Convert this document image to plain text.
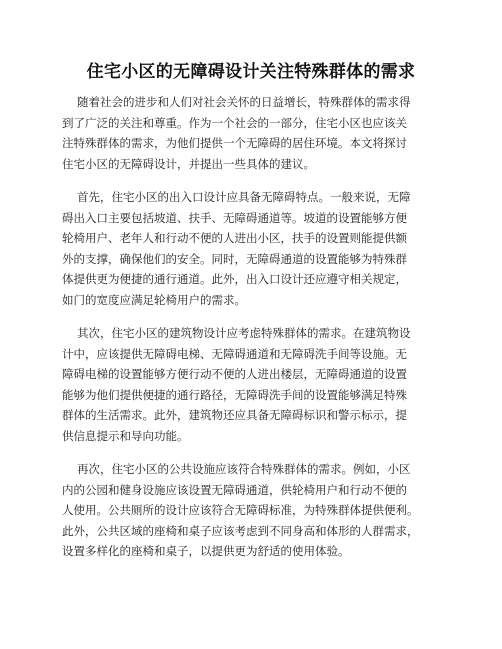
住宅小区的无障碍设计关注特殊群体的需求
随着社会的进步和人们对社会关怀的日益增长，特殊群体的需求得
到了广泛的关注和尊重。作为一个社会的一部分，住宅小区也应该关
注特殊群体的需求，为他们提供一个无障碍的居住环境。本文将探讨
住宅小区的无障碍设计，并提出一些具体的建议。
首先，住宅小区的出入口设计应具备无障碍特点。一般来说，无障
碍出入口主要包括坡道、扶手、无障碍通道等。坡道的设置能够方便
轮椅用户、老年人和行动不便的人进出小区，扶手的设置则能提供额
外的支撑，确保他们的安全。同时，无障碍通道的设置能够为特殊群
体提供更为便捷的通行通道。此外，出入口设计还应遵守相关规定，
如门的宽度应满足轮椅用户的需求。
其次，住宅小区的建筑物设计应考虑特殊群体的需求。在建筑物设
计中，应该提供无障碍电梯、无障碍通道和无障碍洗手间等设施。无
障碍电梯的设置能够方便行动不便的人进出楼层，无障碍通道的设置
能够为他们提供便捷的通行路径，无障碍洗手间的设置能够满足特殊
群体的生活需求。此外，建筑物还应具备无障碍标识和警示标示，提
供信息提示和导向功能。
再次，住宅小区的公共设施应该符合特殊群体的需求。例如，小区
内的公园和健身设施应该设置无障碍通道，供轮椅用户和行动不便的
人使用。公共厕所的设计应该符合无障碍标准，为特殊群体提供便利。
此外，公共区域的座椅和桌子应该考虑到不同身高和体形的人群需求，
设置多样化的座椅和桌子，以提供更为舒适的使用体验。
